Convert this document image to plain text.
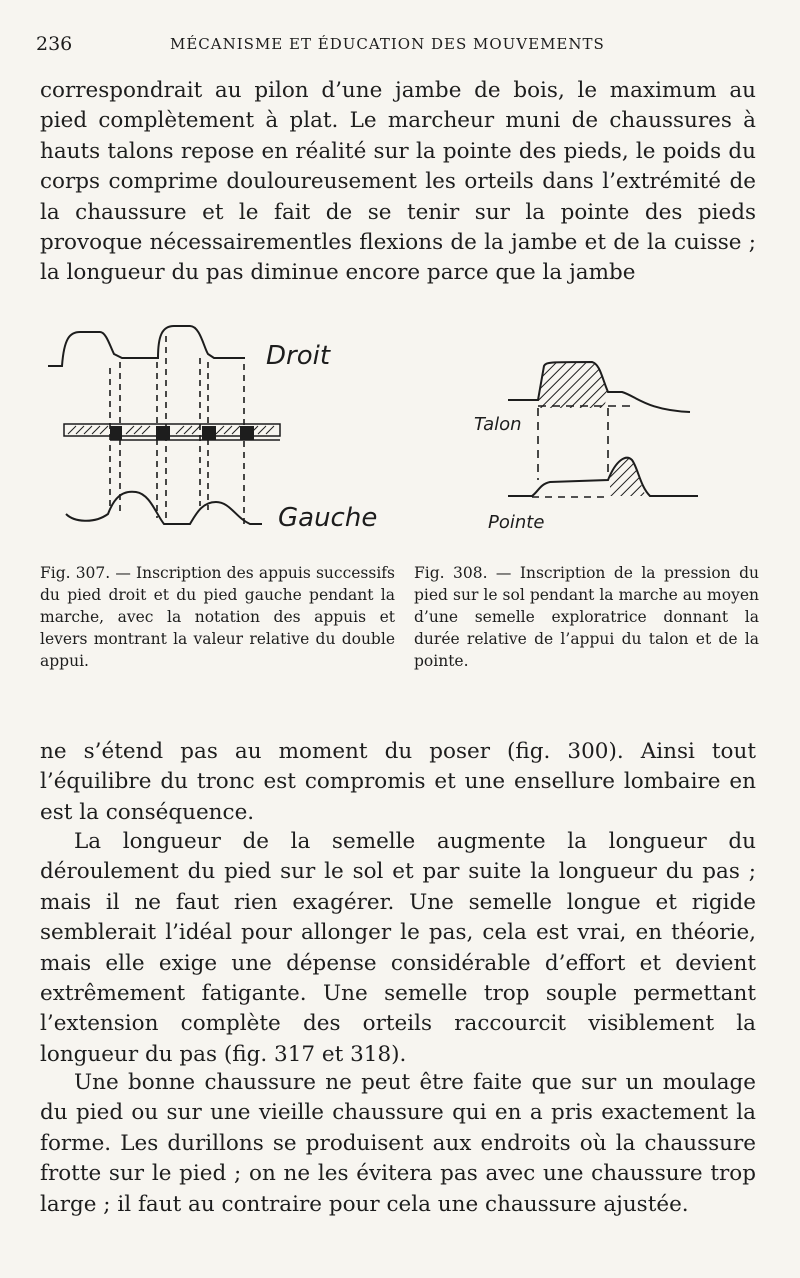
236	MÉCANISME ET ÉDUCATION DES MOUVEMENTS

correspondrait au pilon d’une jambe de bois, le maximum au pied complètement à plat. Le marcheur muni de chaussures à hauts talons repose en réalité sur la pointe des pieds, le poids du corps comprime douloureusement les orteils dans l’extrémité de la chaussure et le fait de se tenir sur la pointe des pieds provoque nécessairementles flexions de la jambe et de la cuisse ; la longueur du pas diminue encore parce que la jambe

Droit
Gauche
Talon
Pointe

Fig. 307. — Inscription des appuis successifs du pied droit et du pied gauche pendant la marche, avec la notation des appuis et levers montrant la valeur relative du double appui.

Fig. 308. — Inscription de la pression du pied sur le sol pendant la marche au moyen d’une semelle exploratrice donnant la durée relative de l’appui du talon et de la pointe.

ne s’étend pas au moment du poser (fig. 300). Ainsi tout l’équilibre du tronc est compromis et une ensellure lombaire en est la conséquence.

La longueur de la semelle augmente la longueur du déroulement du pied sur le sol et par suite la longueur du pas ; mais il ne faut rien exagérer. Une semelle longue et rigide semblerait l’idéal pour allonger le pas, cela est vrai, en théorie, mais elle exige une dépense considérable d’effort et devient extrêmement fatigante. Une semelle trop souple permettant l’extension complète des orteils raccourcit visiblement la longueur du pas (fig. 317 et 318).

Une bonne chaussure ne peut être faite que sur un moulage du pied ou sur une vieille chaussure qui en a pris exactement la forme. Les durillons se produisent aux endroits où la chaussure frotte sur le pied ; on ne les évitera pas avec une chaussure trop large ; il faut au contraire pour cela une chaussure ajustée.
